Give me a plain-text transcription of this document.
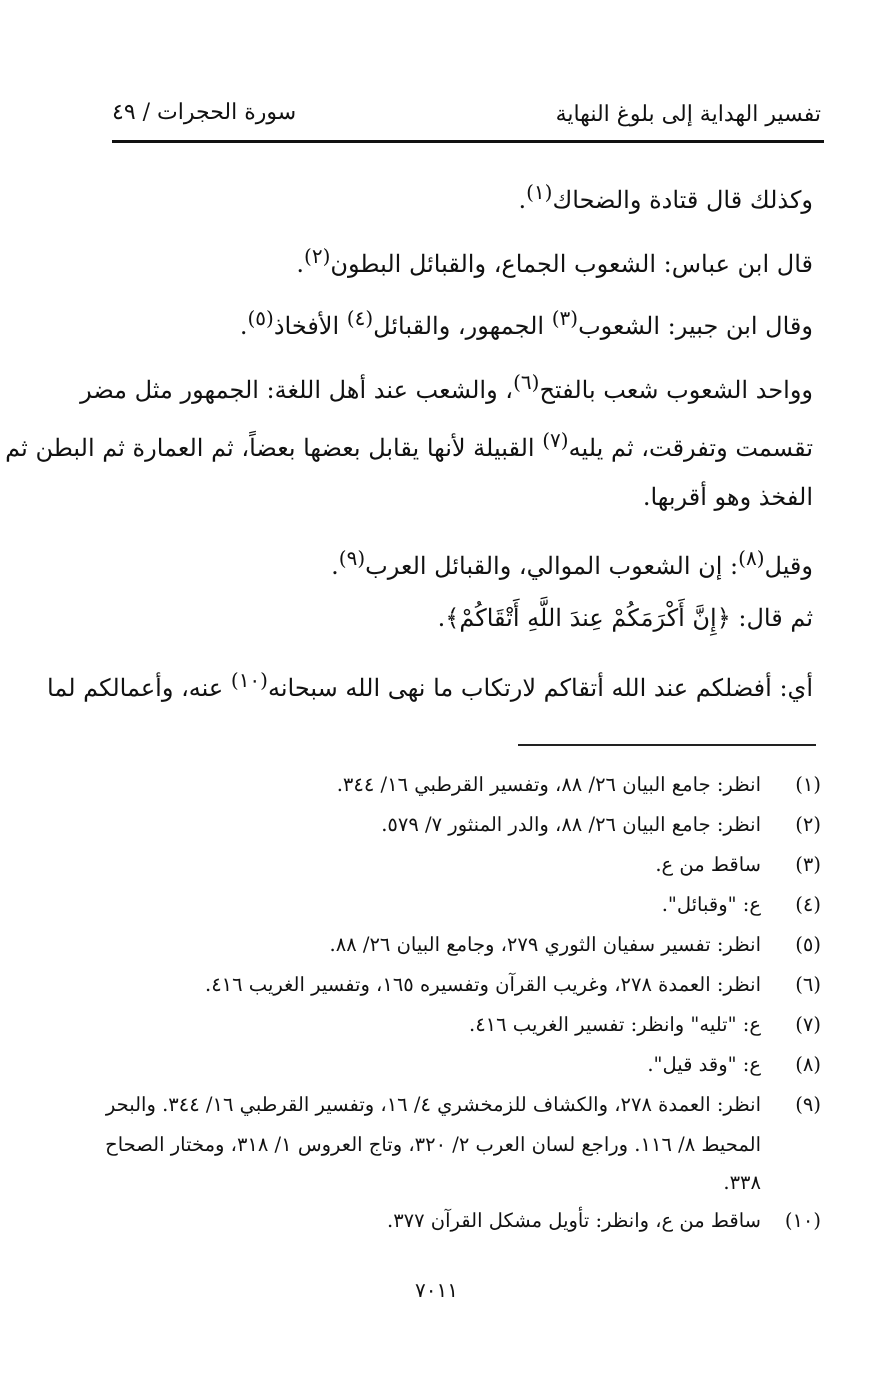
تفسير الهداية إلى بلوغ النهاية
سورة الحجرات / ٤٩
وكذلك قال قتادة والضحاك$^{(١)}$.
قال ابن عباس: الشعوب الجماع، والقبائل البطون$^{(٢)}$.
وقال ابن جبير: الشعوب$^{(٣)}$ الجمهور، والقبائل$^{(٤)}$ الأفخاذ$^{(٥)}$.
وواحد الشعوب شعب بالفتح$^{(٦)}$، والشعب عند أهل اللغة: الجمهور مثل مضر
تقسمت وتفرقت، ثم يليه$^{(٧)}$ القبيلة لأنها يقابل بعضها بعضاً، ثم العمارة ثم البطن ثم
الفخذ وهو أقربها.
وقيل$^{(٨)}$: إن الشعوب الموالي، والقبائل العرب$^{(٩)}$.
ثم قال: ﴿إِنَّ أَكْرَمَكُمْ عِندَ اللَّهِ أَتْقَاكُمْ﴾.
أي: أفضلكم عند الله أتقاكم لارتكاب ما نهى الله سبحانه$^{(١٠)}$ عنه، وأعمالكم لما
(١)
انظر: جامع البيان ٢٦/ ٨٨، وتفسير القرطبي ١٦/ ٣٤٤.
(٢)
انظر: جامع البيان ٢٦/ ٨٨، والدر المنثور ٧/ ٥٧٩.
(٣)
ساقط من ع.
(٤)
ع: "وقبائل".
(٥)
انظر: تفسير سفيان الثوري ٢٧٩، وجامع البيان ٢٦/ ٨٨.
(٦)
انظر: العمدة ٢٧٨، وغريب القرآن وتفسيره ١٦٥، وتفسير الغريب ٤١٦.
(٧)
ع: "تليه" وانظر: تفسير الغريب ٤١٦.
(٨)
ع: "وقد قيل".
(٩)
انظر: العمدة ٢٧٨، والكشاف للزمخشري ٤/ ١٦، وتفسير القرطبي ١٦/ ٣٤٤. والبحر
المحيط ٨/ ١١٦. وراجع لسان العرب ٢/ ٣٢٠، وتاج العروس ١/ ٣١٨، ومختار الصحاح
٣٣٨.
(١٠)
ساقط من ع، وانظر: تأويل مشكل القرآن ٣٧٧.
٧٠١١
